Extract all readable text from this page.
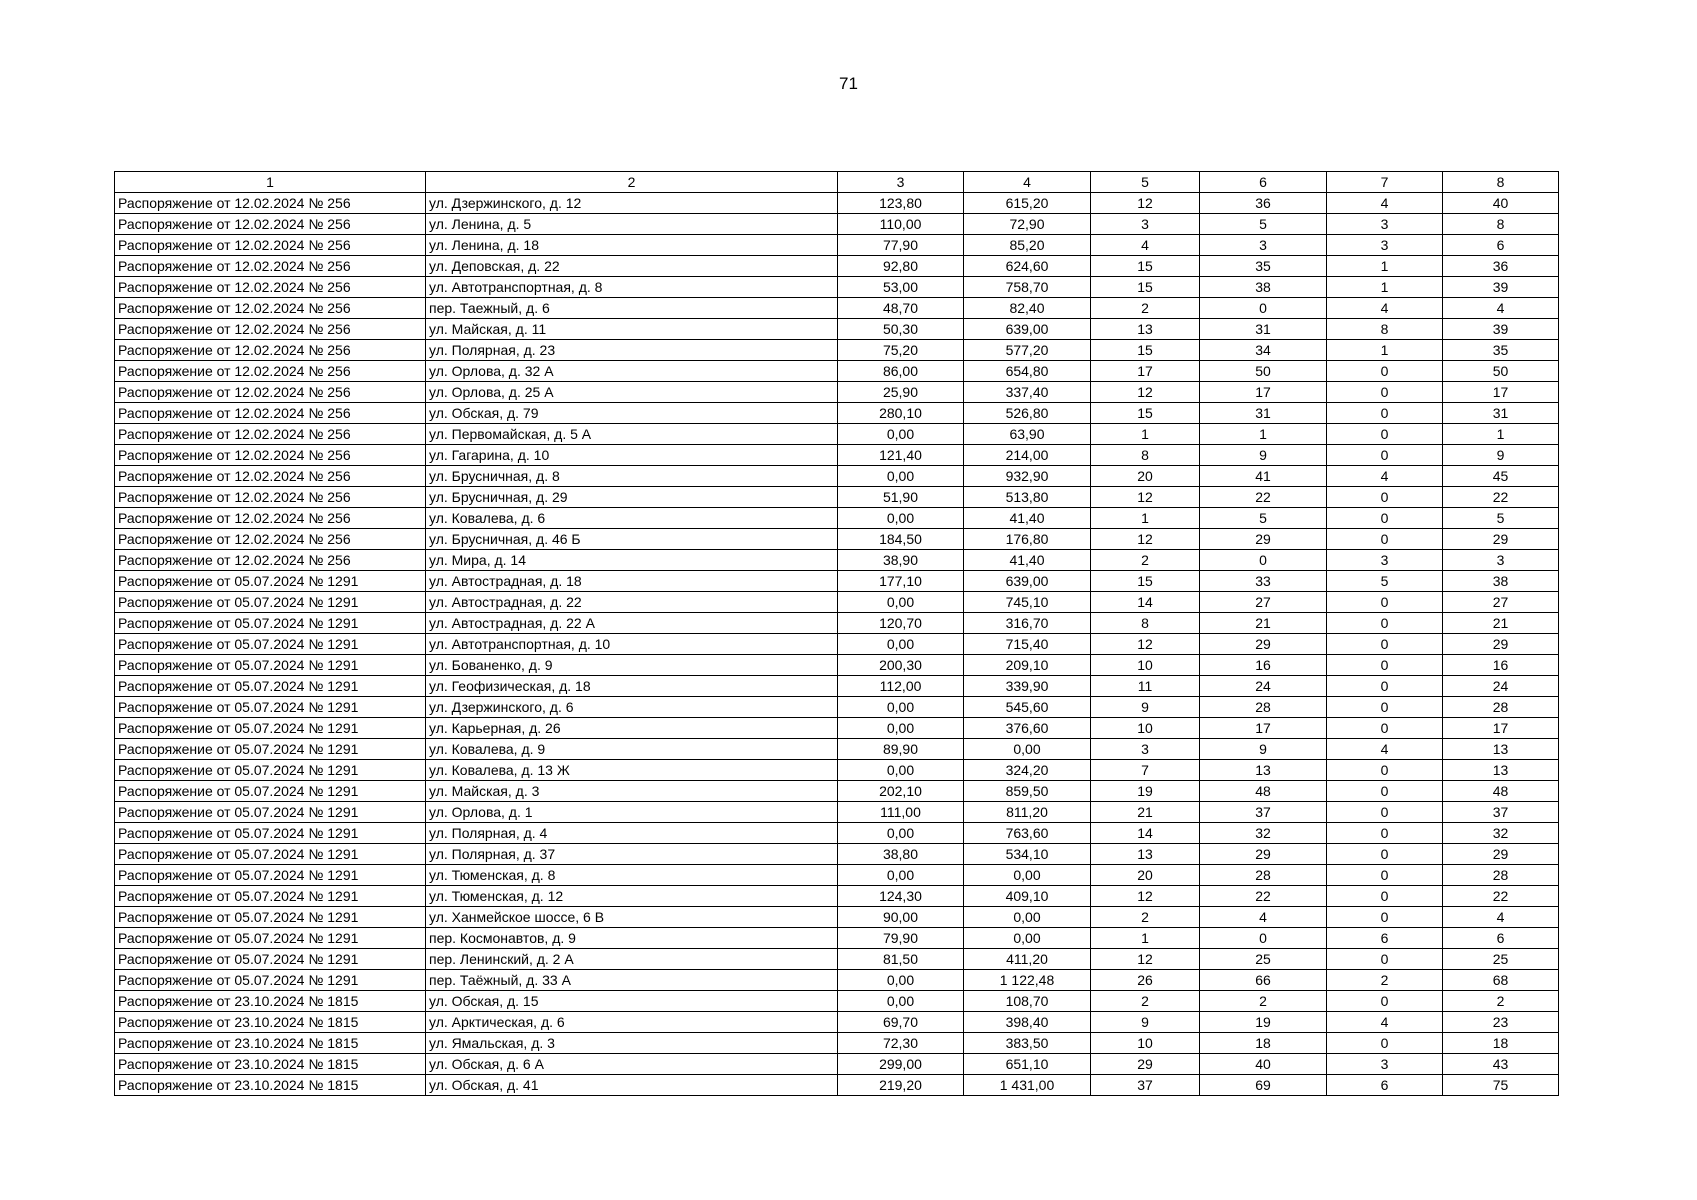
71
1	2	3	4	5	6	7	8
Распоряжение от 12.02.2024 № 256	ул. Дзержинского, д. 12	123,80	615,20	12	36	4	40
Распоряжение от 12.02.2024 № 256	ул. Ленина, д. 5	110,00	72,90	3	5	3	8
Распоряжение от 12.02.2024 № 256	ул. Ленина, д. 18	77,90	85,20	4	3	3	6
Распоряжение от 12.02.2024 № 256	ул. Деповская, д. 22	92,80	624,60	15	35	1	36
Распоряжение от 12.02.2024 № 256	ул. Автотранспортная, д. 8	53,00	758,70	15	38	1	39
Распоряжение от 12.02.2024 № 256	пер. Таежный, д. 6	48,70	82,40	2	0	4	4
Распоряжение от 12.02.2024 № 256	ул. Майская, д. 11	50,30	639,00	13	31	8	39
Распоряжение от 12.02.2024 № 256	ул. Полярная, д. 23	75,20	577,20	15	34	1	35
Распоряжение от 12.02.2024 № 256	ул. Орлова, д. 32 А	86,00	654,80	17	50	0	50
Распоряжение от 12.02.2024 № 256	ул. Орлова, д. 25 А	25,90	337,40	12	17	0	17
Распоряжение от 12.02.2024 № 256	ул. Обская, д. 79	280,10	526,80	15	31	0	31
Распоряжение от 12.02.2024 № 256	ул. Первомайская, д. 5 А	0,00	63,90	1	1	0	1
Распоряжение от 12.02.2024 № 256	ул. Гагарина, д. 10	121,40	214,00	8	9	0	9
Распоряжение от 12.02.2024 № 256	ул. Брусничная, д. 8	0,00	932,90	20	41	4	45
Распоряжение от 12.02.2024 № 256	ул. Брусничная, д. 29	51,90	513,80	12	22	0	22
Распоряжение от 12.02.2024 № 256	ул. Ковалева, д. 6	0,00	41,40	1	5	0	5
Распоряжение от 12.02.2024 № 256	ул. Брусничная, д. 46 Б	184,50	176,80	12	29	0	29
Распоряжение от 12.02.2024 № 256	ул. Мира, д. 14	38,90	41,40	2	0	3	3
Распоряжение от 05.07.2024 № 1291	ул. Автострадная, д. 18	177,10	639,00	15	33	5	38
Распоряжение от 05.07.2024 № 1291	ул. Автострадная, д. 22	0,00	745,10	14	27	0	27
Распоряжение от 05.07.2024 № 1291	ул. Автострадная, д. 22 А	120,70	316,70	8	21	0	21
Распоряжение от 05.07.2024 № 1291	ул. Автотранспортная, д. 10	0,00	715,40	12	29	0	29
Распоряжение от 05.07.2024 № 1291	ул. Бованенко, д. 9	200,30	209,10	10	16	0	16
Распоряжение от 05.07.2024 № 1291	ул. Геофизическая, д. 18	112,00	339,90	11	24	0	24
Распоряжение от 05.07.2024 № 1291	ул. Дзержинского, д. 6	0,00	545,60	9	28	0	28
Распоряжение от 05.07.2024 № 1291	ул. Карьерная, д. 26	0,00	376,60	10	17	0	17
Распоряжение от 05.07.2024 № 1291	ул. Ковалева, д. 9	89,90	0,00	3	9	4	13
Распоряжение от 05.07.2024 № 1291	ул. Ковалева, д. 13 Ж	0,00	324,20	7	13	0	13
Распоряжение от 05.07.2024 № 1291	ул. Майская, д. 3	202,10	859,50	19	48	0	48
Распоряжение от 05.07.2024 № 1291	ул. Орлова, д. 1	111,00	811,20	21	37	0	37
Распоряжение от 05.07.2024 № 1291	ул. Полярная, д. 4	0,00	763,60	14	32	0	32
Распоряжение от 05.07.2024 № 1291	ул. Полярная, д. 37	38,80	534,10	13	29	0	29
Распоряжение от 05.07.2024 № 1291	ул. Тюменская, д. 8	0,00	0,00	20	28	0	28
Распоряжение от 05.07.2024 № 1291	ул. Тюменская, д. 12	124,30	409,10	12	22	0	22
Распоряжение от 05.07.2024 № 1291	ул. Ханмейское шоссе, 6 В	90,00	0,00	2	4	0	4
Распоряжение от 05.07.2024 № 1291	пер. Космонавтов, д. 9	79,90	0,00	1	0	6	6
Распоряжение от 05.07.2024 № 1291	пер. Ленинский, д. 2 А	81,50	411,20	12	25	0	25
Распоряжение от 05.07.2024 № 1291	пер. Таёжный, д. 33 А	0,00	1 122,48	26	66	2	68
Распоряжение от 23.10.2024 № 1815	ул. Обская, д. 15	0,00	108,70	2	2	0	2
Распоряжение от 23.10.2024 № 1815	ул. Арктическая, д. 6	69,70	398,40	9	19	4	23
Распоряжение от 23.10.2024 № 1815	ул. Ямальская, д. 3	72,30	383,50	10	18	0	18
Распоряжение от 23.10.2024 № 1815	ул. Обская, д. 6 А	299,00	651,10	29	40	3	43
Распоряжение от 23.10.2024 № 1815	ул. Обская, д. 41	219,20	1 431,00	37	69	6	75
